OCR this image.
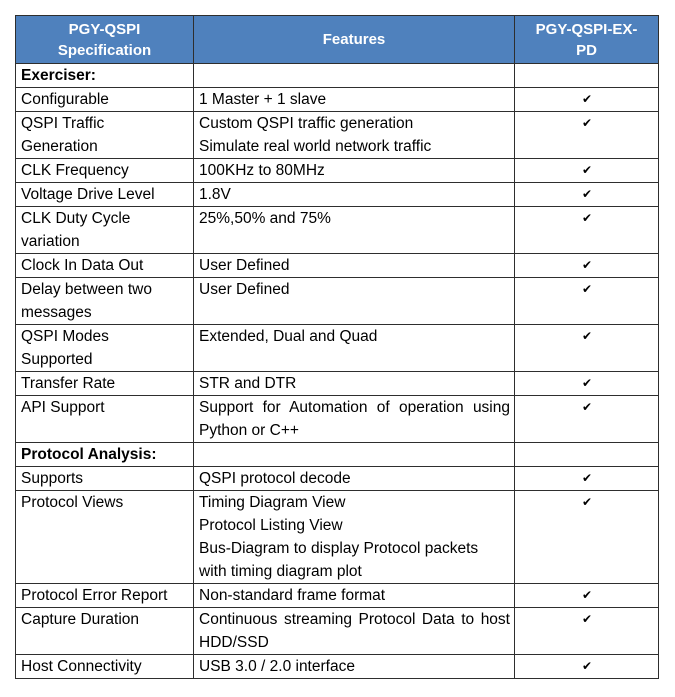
PGY-QSPI
Specification	Features	PGY-QSPI-EX-
PD

Exerciser:		

Configurable	1 Master + 1 slave	✔

QSPI Traffic
Generation	Custom QSPI traffic generation
Simulate real world network traffic	✔

CLK Frequency	100KHz to 80MHz	✔

Voltage Drive Level	1.8V	✔

CLK Duty Cycle
variation	25%,50% and 75%	✔

Clock In Data Out	User Defined	✔

Delay between two
messages	User Defined	✔

QSPI Modes
Supported	Extended, Dual and Quad	✔

Transfer Rate	STR and DTR	✔

API Support	Support for Automation of operation using Python or C++	✔
Protocol Analysis:		

Supports	QSPI protocol decode	✔

Protocol Views	Timing Diagram View
Protocol Listing View
Bus-Diagram to display Protocol packets
with timing diagram plot	✔

Protocol Error Report	Non-standard frame format	✔

Capture Duration	Continuous streaming Protocol Data to host HDD/SSD	✔

Host Connectivity	USB 3.0 / 2.0 interface	✔
